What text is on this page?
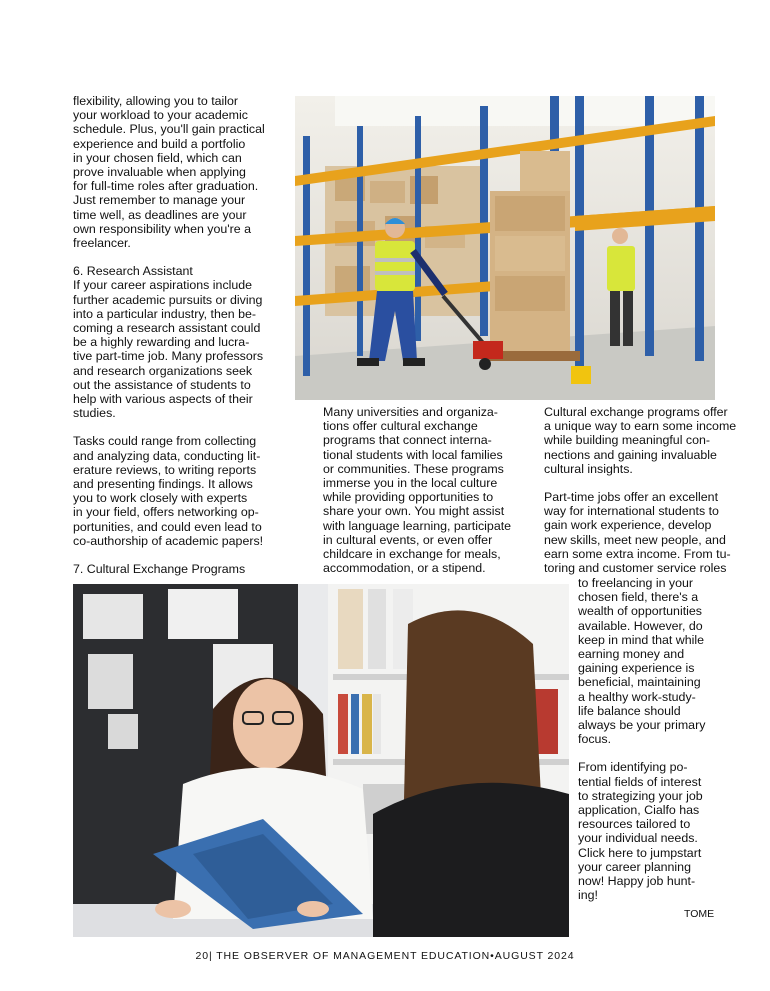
flexibility, allowing you to tailor
your workload to your academic
schedule. Plus, you'll gain practical
experience and build a portfolio
in your chosen field, which can
prove invaluable when applying
for full-time roles after graduation.
Just remember to manage your
time well, as deadlines are your
own responsibility when you're a
freelancer.
6. Research Assistant
If your career aspirations include
further academic pursuits or diving
into a particular industry, then be-
coming a research assistant could
be a highly rewarding and lucra-
tive part-time job. Many professors
and research organizations seek
out the assistance of students to
help with various aspects of their
studies.
Tasks could range from collecting
and analyzing data, conducting lit-
erature reviews, to writing reports
and presenting findings. It allows
you to work closely with experts
in your field, offers networking op-
portunities, and could even lead to
co-authorship of academic papers!
7. Cultural Exchange Programs
Many universities and organiza-
tions offer cultural exchange
programs that connect interna-
tional students with local families
or communities. These programs
immerse you in the local culture
while providing opportunities to
share your own. You might assist
with language learning, participate
in cultural events, or even offer
childcare in exchange for meals,
accommodation, or a stipend.
Cultural exchange programs offer
a unique way to earn some income
while building meaningful con-
nections and gaining invaluable
cultural insights.
Part-time jobs offer an excellent
way for international students to
gain work experience, develop
new skills, meet new people, and
earn some extra income. From tu-
toring and customer service roles
to freelancing in your
chosen field, there's a
wealth of opportunities
available. However, do
keep in mind that while
earning money and
gaining experience is
beneficial, maintaining
a healthy work-study-
life balance should
always be your primary
focus.
From identifying po-
tential fields of interest
to strategizing your job
application, Cialfo has
resources tailored to
your individual needs.
Click here to jumpstart
your career planning
now! Happy job hunt-
ing!
TOME
20| THE OBSERVER OF MANAGEMENT EDUCATION•AUGUST 2024
